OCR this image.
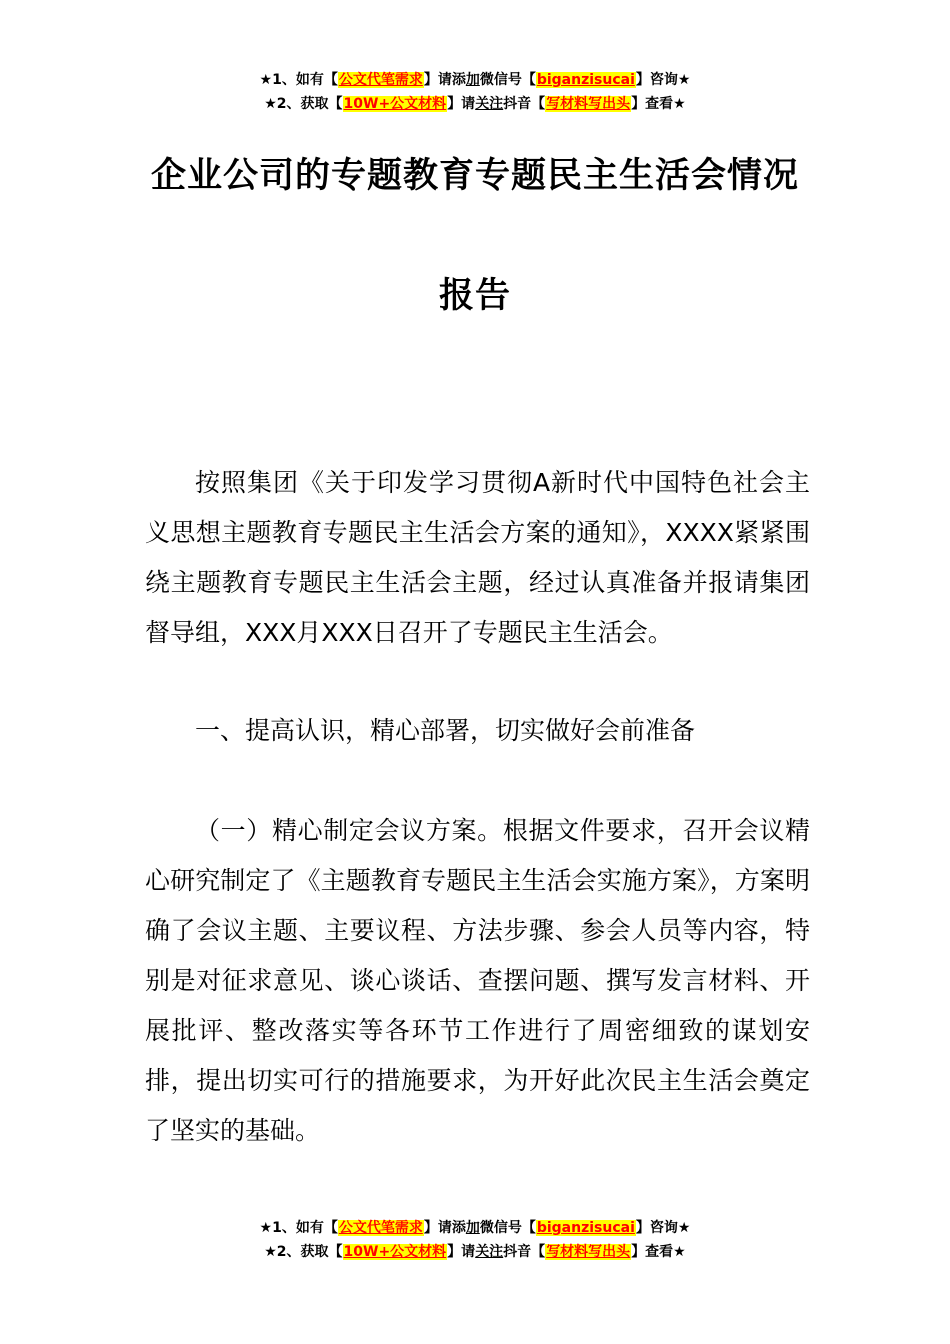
★1、如有【公文代笔需求】请添加微信号【biganzisucai】咨询★
★2、获取【10W+公文材料】请关注抖音【写材料写出头】查看★
企业公司的专题教育专题民主生活会情况
报告

按照集团《关于印发学习贯彻A新时代中国特色社会主义思想主题教育专题民主生活会方案的通知》，XXXX紧紧围绕主题教育专题民主生活会主题，经过认真准备并报请集团督导组，XXX月XXX日召开了专题民主生活会。

一、提高认识，精心部署，切实做好会前准备

（一）精心制定会议方案。根据文件要求，召开会议精心研究制定了《主题教育专题民主生活会实施方案》，方案明确了会议主题、主要议程、方法步骤、参会人员等内容，特别是对征求意见、谈心谈话、查摆问题、撰写发言材料、开展批评、整改落实等各环节工作进行了周密细致的谋划安排，提出切实可行的措施要求，为开好此次民主生活会奠定了坚实的基础。

★1、如有【公文代笔需求】请添加微信号【biganzisucai】咨询★
★2、获取【10W+公文材料】请关注抖音【写材料写出头】查看★
